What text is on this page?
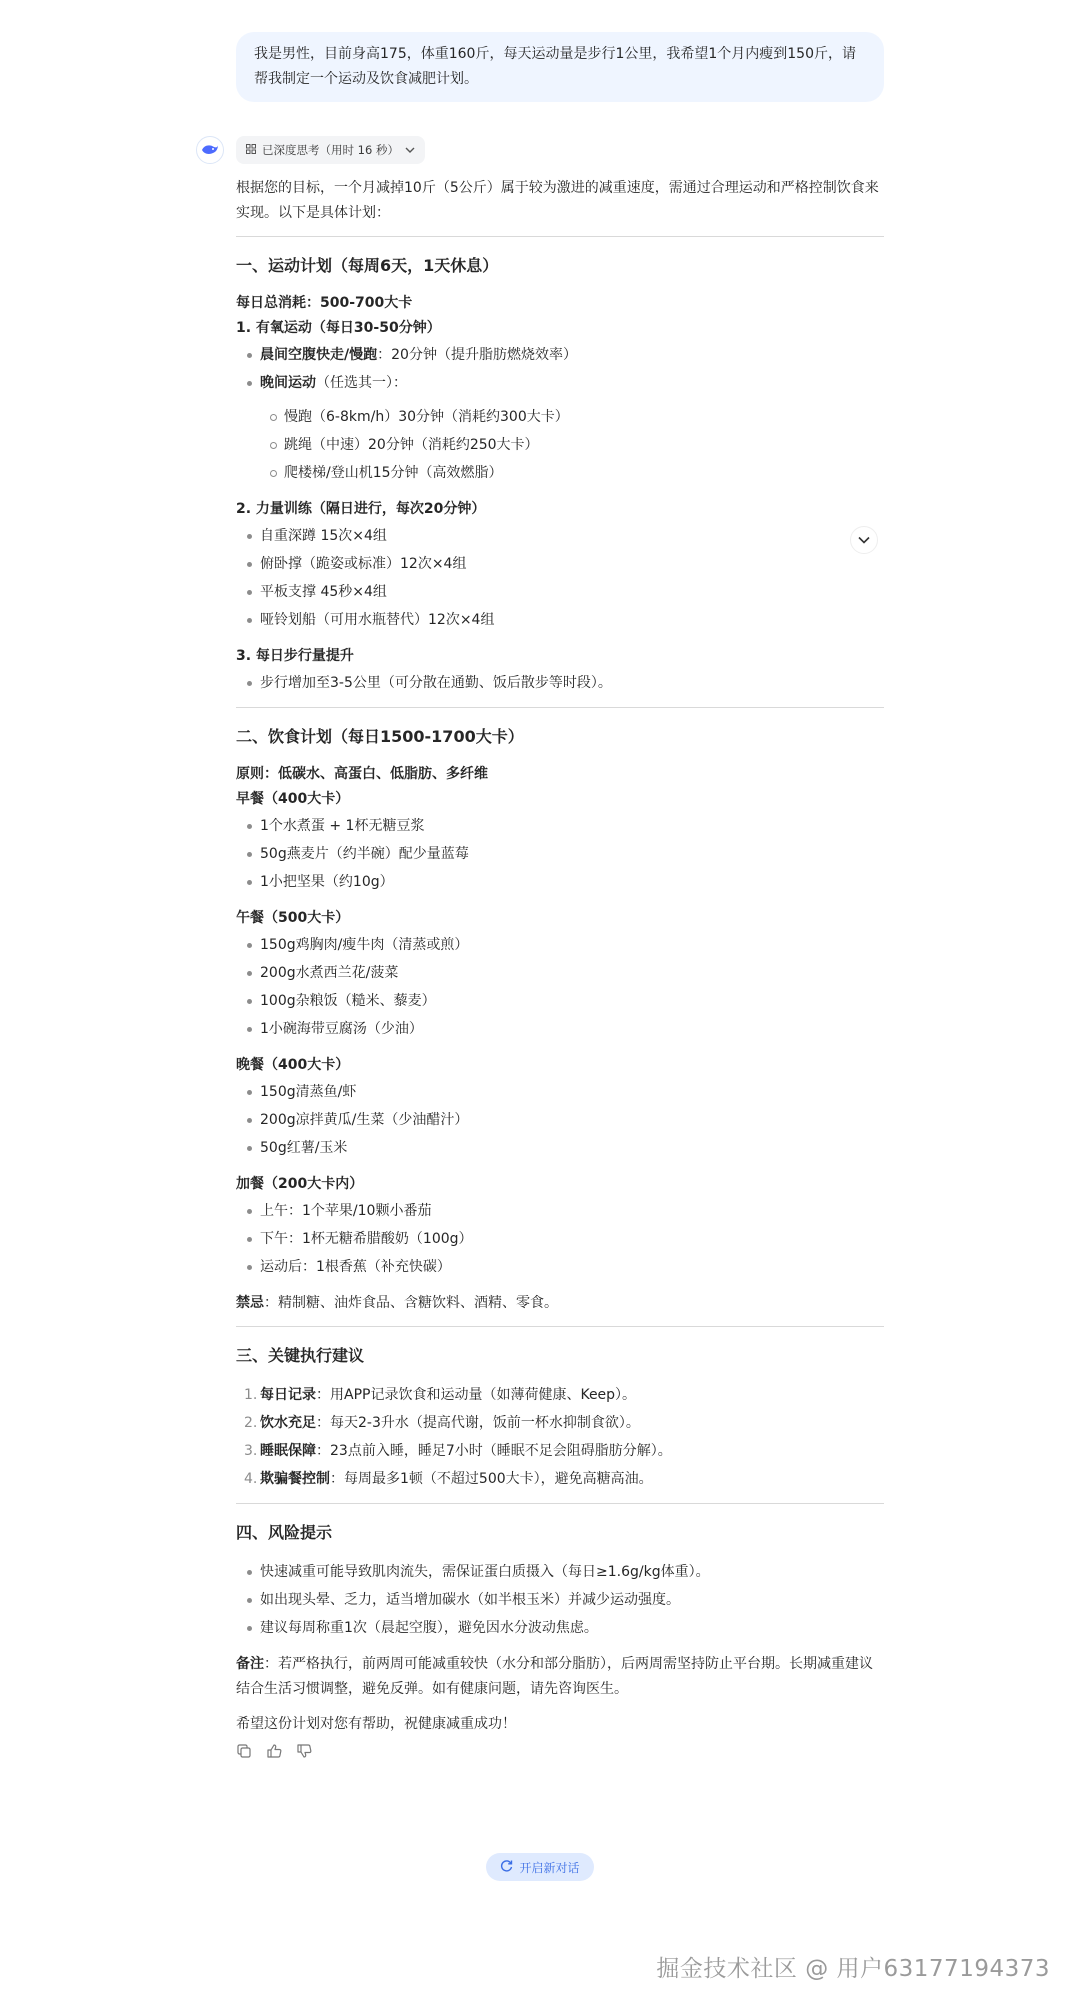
我是男性，目前身高175，体重160斤，每天运动量是步行1公里，我希望1个月内瘦到150斤，请帮我制定一个运动及饮食减肥计划。
已深度思考（用时 16 秒）

根据您的目标，一个月减掉10斤（5公斤）属于较为激进的减重速度，需通过合理运动和严格控制饮食来实现。以下是具体计划：

一、运动计划（每周6天，1天休息）

每日总消耗：500-700大卡

1. 有氧运动（每日30-50分钟）

晨间空腹快走/慢跑：20分钟（提升脂肪燃烧效率）
晚间运动（任选其一）：
慢跑（6-8km/h）30分钟（消耗约300大卡）
跳绳（中速）20分钟（消耗约250大卡）
爬楼梯/登山机15分钟（高效燃脂）

2. 力量训练（隔日进行，每次20分钟）

自重深蹲 15次×4组
俯卧撑（跪姿或标准）12次×4组
平板支撑 45秒×4组
哑铃划船（可用水瓶替代）12次×4组

3. 每日步行量提升

步行增加至3-5公里（可分散在通勤、饭后散步等时段）。
二、饮食计划（每日1500-1700大卡）

原则：低碳水、高蛋白、低脂肪、多纤维

早餐（400大卡）

1个水煮蛋 + 1杯无糖豆浆
50g燕麦片（约半碗）配少量蓝莓
1小把坚果（约10g）

午餐（500大卡）

150g鸡胸肉/瘦牛肉（清蒸或煎）
200g水煮西兰花/菠菜
100g杂粮饭（糙米、藜麦）
1小碗海带豆腐汤（少油）

晚餐（400大卡）

150g清蒸鱼/虾
200g凉拌黄瓜/生菜（少油醋汁）
50g红薯/玉米

加餐（200大卡内）

上午：1个苹果/10颗小番茄
下午：1杯无糖希腊酸奶（100g）
运动后：1根香蕉（补充快碳）

禁忌：精制糖、油炸食品、含糖饮料、酒精、零食。

三、关键执行建议
1. 每日记录：用APP记录饮食和运动量（如薄荷健康、Keep）。
2. 饮水充足：每天2-3升水（提高代谢，饭前一杯水抑制食欲）。
3. 睡眠保障：23点前入睡，睡足7小时（睡眠不足会阻碍脂肪分解）。
4. 欺骗餐控制：每周最多1顿（不超过500大卡），避免高糖高油。
四、风险提示
快速减重可能导致肌肉流失，需保证蛋白质摄入（每日≥1.6g/kg体重）。
如出现头晕、乏力，适当增加碳水（如半根玉米）并减少运动强度。
建议每周称重1次（晨起空腹），避免因水分波动焦虑。

备注：若严格执行，前两周可能减重较快（水分和部分脂肪），后两周需坚持防止平台期。长期减重建议结合生活习惯调整，避免反弹。如有健康问题，请先咨询医生。

希望这份计划对您有帮助，祝健康减重成功！

开启新对话
掘金技术社区 @ 用户63177194373
